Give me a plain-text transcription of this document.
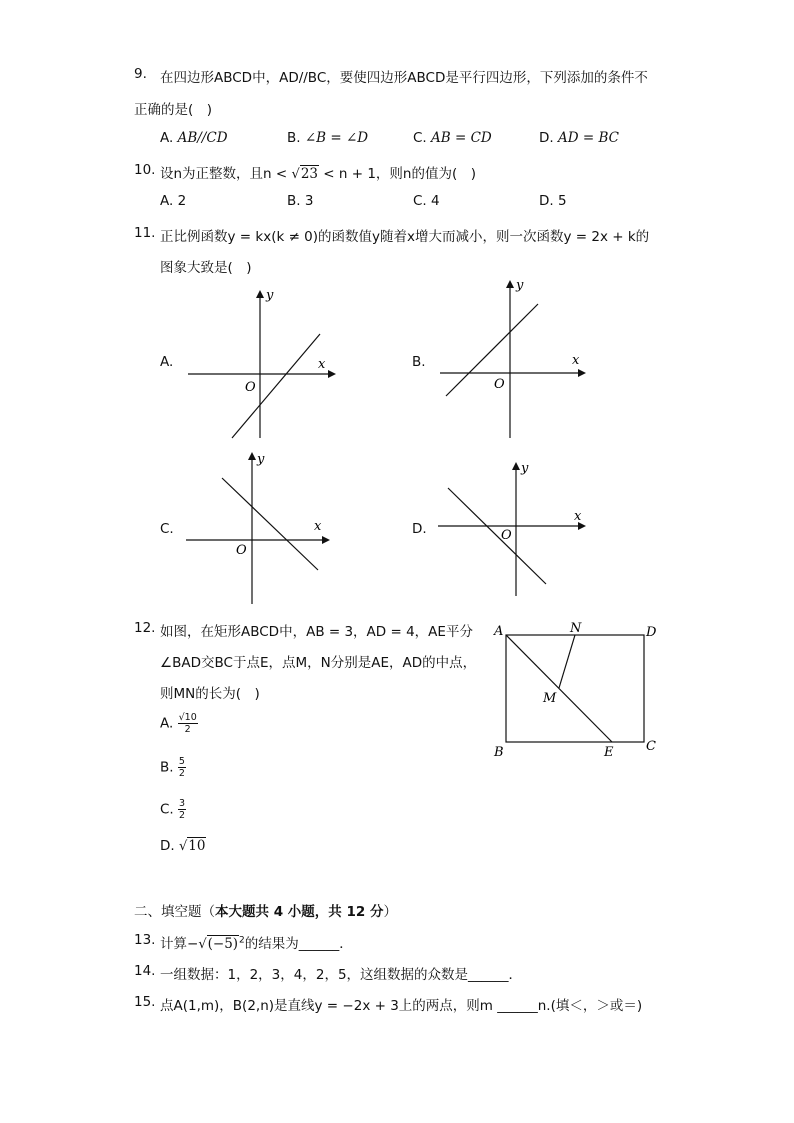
9. 在四边形ABCD中，AD//BC，要使四边形ABCD是平行四边形，下列添加的条件不
正确的是(　)
A. AB//CD	B. ∠B = ∠D	C. AB = CD	D. AD = BC
10. 设n为正整数，且n < √23 < n + 1，则n的值为(　)
A. 2	B. 3	C. 4	D. 5
11. 正比例函数y = kx(k ≠ 0)的函数值y随着x增大而减小，则一次函数y = 2x + k的
图象大致是(　)
A.	x
y
O
B.	x
y
O
C.	x
y
O
D.
x
y
O
12. 如图，在矩形ABCD中，AB = 3，AD = 4，AE平分
∠BAD交BC于点E，点M，N分别是AE，AD的中点，
则MN的长为(　)
A. $\frac{√10}{2}$
B. $\frac{5}{2}$
C. $\frac{3}{2}$
D. √10
A	N	D
M
B	E	C
二、填空题（本大题共 4 小题，共 12 分）
13. 计算$-√(-5)^2$的结果为______．
14. 一组数据：1，2，3，4，2，5，这组数据的众数是______．
15. 点A(1,m)，B(2,n)是直线y = −2x + 3上的两点，则m ______n.(填＜，＞或＝)
